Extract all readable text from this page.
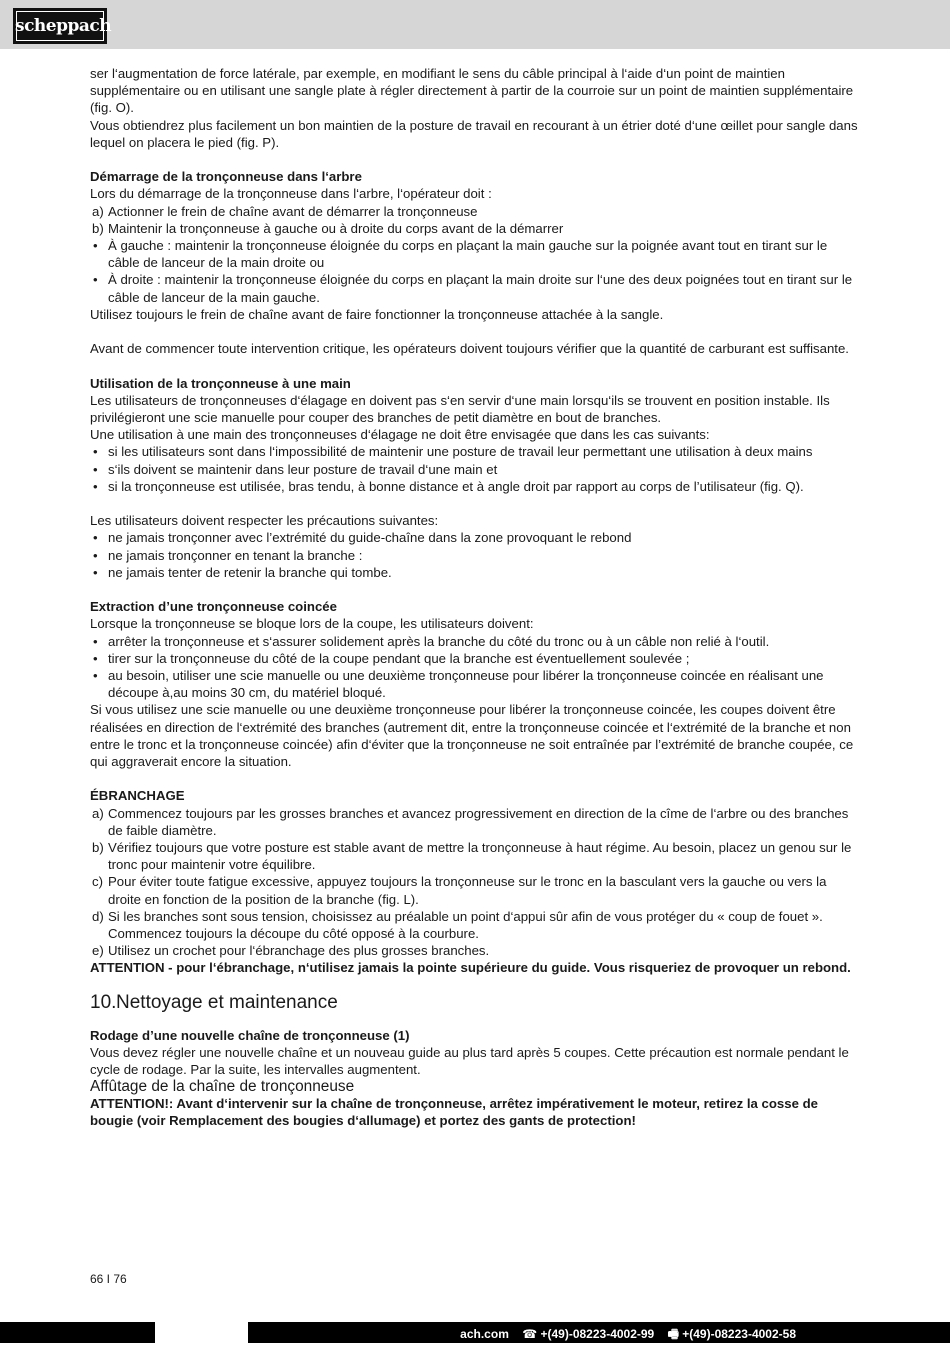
scheppach

ser l‘augmentation de force latérale, par exemple, en modifiant le sens du câble principal à l‘aide d‘un point de maintien supplémentaire ou en utilisant une sangle plate à régler directement à partir de la courroie sur un point de maintien supplémentaire (fig. O).

Vous obtiendrez plus facilement un bon maintien de la posture de travail en recourant à un étrier doté d‘une œillet pour sangle dans lequel on placera le pied (fig. P).

Démarrage de la tronçonneuse dans l‘arbre

Lors du démarrage de la tronçonneuse dans l‘arbre, l‘opérateur doit :

a) Actionner le frein de chaîne avant de démarrer la tronçonneuse
b) Maintenir la tronçonneuse à gauche ou à droite du corps avant de la démarrer
• À gauche : maintenir la tronçonneuse éloignée du corps en plaçant la main gauche sur la poignée avant tout en tirant sur le câble de lanceur de la main droite ou
• À droite : maintenir la tronçonneuse éloignée du corps en plaçant la main droite sur l‘une des deux poignées tout en tirant sur le câble de lanceur de la main gauche.

Utilisez toujours le frein de chaîne avant de faire fonctionner la tronçonneuse attachée à la sangle.

Avant de commencer toute intervention critique, les opérateurs doivent toujours vérifier que la quantité de carburant est suffisante.

Utilisation de la tronçonneuse à une main

Les utilisateurs de tronçonneuses d‘élagage en doivent pas s‘en servir d‘une main lorsqu‘ils se trouvent en position instable. Ils privilégieront une scie manuelle pour couper des branches de petit diamètre en bout de branches.

Une utilisation à une main des tronçonneuses d‘élagage ne doit être envisagée que dans les cas suivants:

• si les utilisateurs sont dans l‘impossibilité de maintenir une posture de travail leur permettant une utilisation à deux mains
• s‘ils doivent se maintenir dans leur posture de travail d‘une main et
• si la tronçonneuse est utilisée, bras tendu, à bonne distance et à angle droit par rapport au corps de l’utilisateur (fig. Q).

Les utilisateurs doivent respecter les précautions suivantes:

• ne jamais tronçonner avec l’extrémité du guide-chaîne dans la zone provoquant le rebond
• ne jamais tronçonner en tenant la branche :
• ne jamais tenter de retenir la branche qui tombe.

Extraction d’une tronçonneuse coincée

Lorsque la tronçonneuse se bloque lors de la coupe, les utilisateurs doivent:

• arrêter la tronçonneuse et s‘assurer solidement après la branche du côté du tronc ou à un câble non relié à l‘outil.
• tirer sur la tronçonneuse du côté de la coupe pendant que la branche est éventuellement soulevée ;
• au besoin, utiliser une scie manuelle ou une deuxième tronçonneuse pour libérer la tronçonneuse coincée en réalisant une découpe à,au moins 30 cm, du matériel bloqué.

Si vous utilisez une scie manuelle ou une deuxième tronçonneuse pour libérer la tronçonneuse coincée, les coupes doivent être réalisées en direction de l‘extrémité des branches (autrement dit, entre la tronçonneuse coincée et l‘extrémité de la branche et non entre le tronc et la tronçonneuse coincée) afin d‘éviter que la tronçonneuse ne soit entraînée par l’extrémité de branche coupée, ce qui aggraverait encore la situation.

ÉBRANCHAGE

a) Commencez toujours par les grosses branches et avancez progressivement en direction de la cîme de l‘arbre ou des branches de faible diamètre.
b) Vérifiez toujours que votre posture est stable avant de mettre la tronçonneuse à haut régime. Au besoin, placez un genou sur le tronc pour maintenir votre équilibre.
c) Pour éviter toute fatigue excessive, appuyez toujours la tronçonneuse sur le tronc en la basculant vers la gauche ou vers la droite en fonction de la position de la branche (fig. L).
d) Si les branches sont sous tension, choisissez au préalable un point d‘appui sûr afin de vous protéger du « coup de fouet ». Commencez toujours la découpe du côté opposé à la courbure.
e) Utilisez un crochet pour l‘ébranchage des plus grosses branches.

ATTENTION - pour l‘ébranchage, n‘utilisez jamais la pointe supérieure du guide. Vous risqueriez de provoquer un rebond.

10.Nettoyage et maintenance

Rodage d’une nouvelle chaîne de tronçonneuse (1)

Vous devez régler une nouvelle chaîne et un nouveau guide au plus tard après 5 coupes. Cette précaution est normale pendant le cycle de rodage. Par la suite, les intervalles augmentent.

Affûtage de la chaîne de tronçonneuse

ATTENTION!: Avant d‘intervenir sur la chaîne de tronçonneuse, arrêtez impérativement le moteur, retirez la cosse de bougie (voir Remplacement des bougies d‘allumage) et portez des gants de protection!

66 I 76
ach.com ☎ +(49)-08223-4002-99 🖷 +(49)-08223-4002-58
